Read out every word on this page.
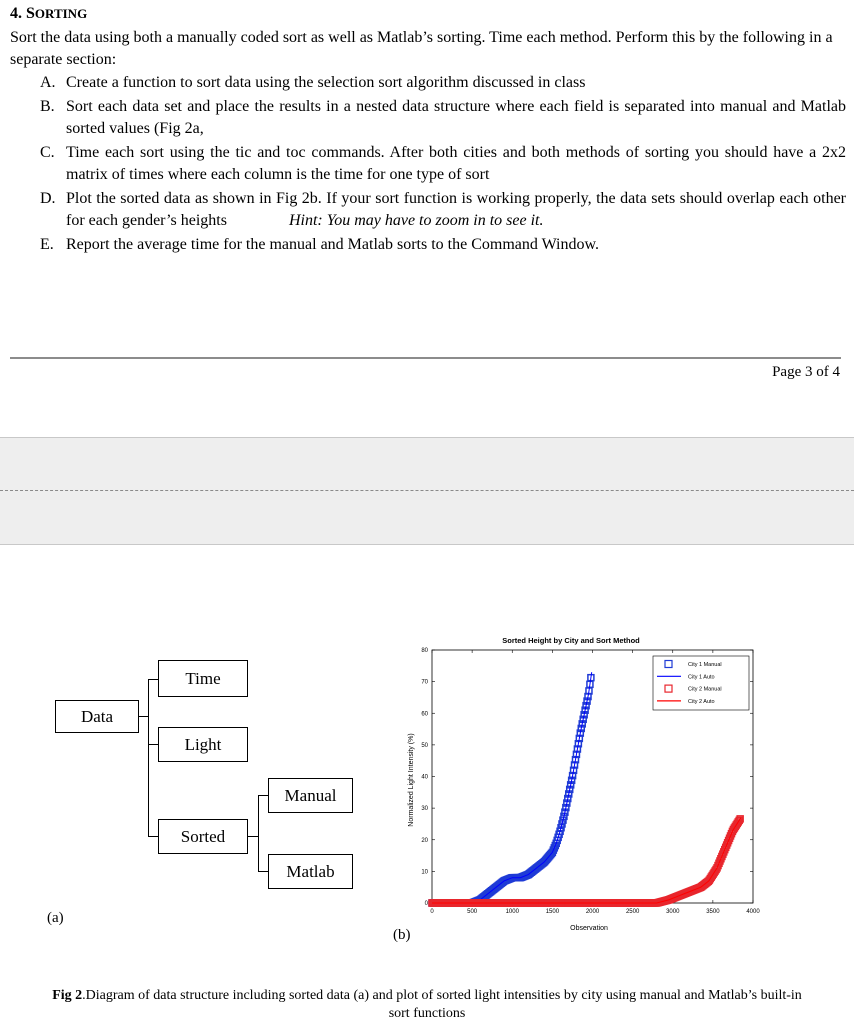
4. SORTING
Sort the data using both a manually coded sort as well as Matlab’s sorting. Time each method. Perform this by the following in a separate section:
A. Create a function to sort data using the selection sort algorithm discussed in class
B. Sort each data set and place the results in a nested data structure where each field is separated into manual and Matlab sorted values (Fig 2a,
C. Time each sort using the tic and toc commands. After both cities and both methods of sorting you should have a 2x2 matrix of times where each column is the time for one type of sort
D. Plot the sorted data as shown in Fig 2b. If your sort function is working properly, the data sets should overlap each other for each gender’s heights	Hint: You may have to zoom in to see it.
E. Report the average time for the manual and Matlab sorts to the Command Window.
Page 3 of 4
Data
Time
Light
Sorted
Manual
Matlab
(a)
(b)
0	500	1000	1500	2000	2500	3000	3500	4000
0
10
20
30
40
50
60
70
80
City 1 Manual
City 1 Auto
City 2 Manual
City 2 Auto
Sorted Height by City and Sort Method
Observation
Normalized Light Intensity (%)
Fig 2.Diagram of data structure including sorted data (a) and plot of sorted light intensities by city using manual and Matlab’s built-in sort functions
